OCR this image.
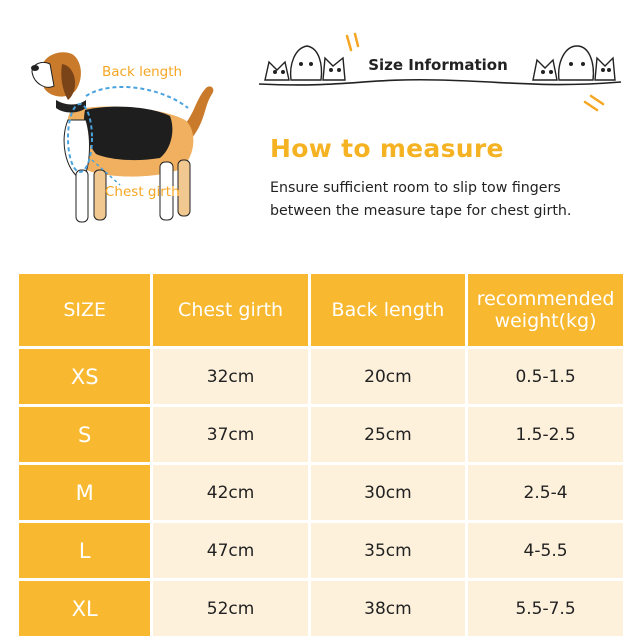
Back length
Chest girth
Size Information
How to measure
Ensure sufficient room to slip tow fingers
between the measure tape for chest girth.
SIZE	Chest girth	Back length	recommended
weight(kg)

XS	32cm	20cm	0.5-1.5
S	37cm	25cm	1.5-2.5
M	42cm	30cm	2.5-4
L	47cm	35cm	4-5.5
XL	52cm	38cm	5.5-7.5
